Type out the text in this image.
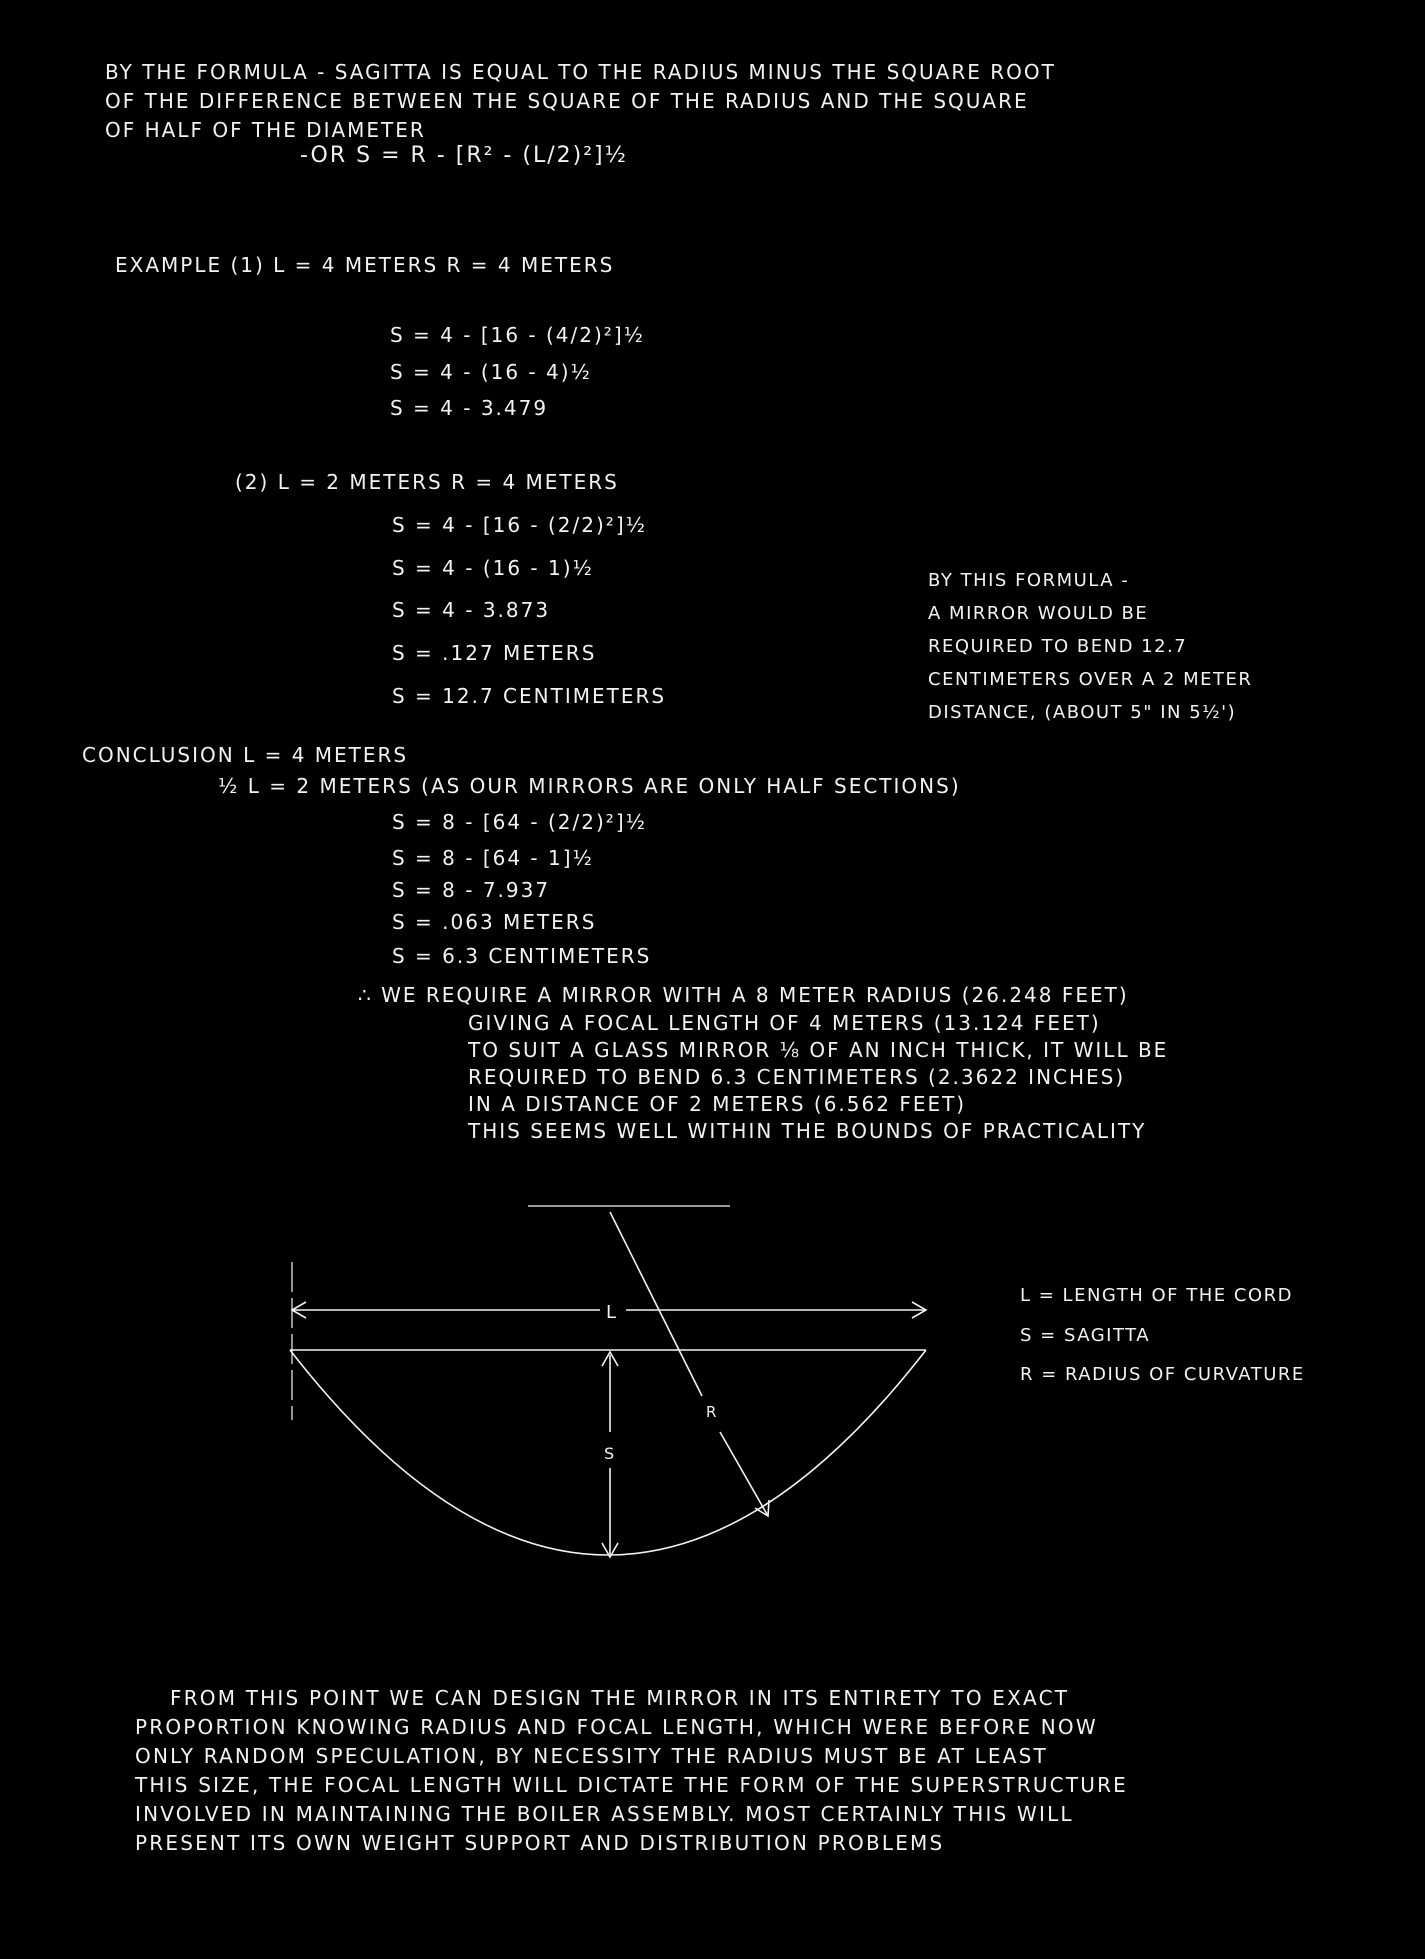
BY THE FORMULA - SAGITTA IS EQUAL TO THE RADIUS MINUS THE SQUARE ROOT
OF THE DIFFERENCE BETWEEN THE SQUARE OF THE RADIUS AND THE SQUARE
OF HALF OF THE DIAMETER
-OR S = R - [R² - (L/2)²]½
EXAMPLE (1) L = 4 METERS R = 4 METERS
S = 4 - [16 - (4/2)²]½
S = 4 - (16 - 4)½
S = 4 - 3.479
(2) L = 2 METERS R = 4 METERS
S = 4 - [16 - (2/2)²]½
S = 4 - (16 - 1)½
S = 4 - 3.873
S = .127 METERS
S = 12.7 CENTIMETERS
BY THIS FORMULA -
A MIRROR WOULD BE
REQUIRED TO BEND 12.7
CENTIMETERS OVER A 2 METER
DISTANCE, (ABOUT 5" IN 5½')
CONCLUSION L = 4 METERS
½ L = 2 METERS (AS OUR MIRRORS ARE ONLY HALF SECTIONS)
S = 8 - [64 - (2/2)²]½
S = 8 - [64 - 1]½
S = 8 - 7.937
S = .063 METERS
S = 6.3 CENTIMETERS
∴ WE REQUIRE A MIRROR WITH A 8 METER RADIUS (26.248 FEET)
GIVING A FOCAL LENGTH OF 4 METERS (13.124 FEET)
TO SUIT A GLASS MIRROR ⅛ OF AN INCH THICK, IT WILL BE
REQUIRED TO BEND 6.3 CENTIMETERS (2.3622 INCHES)
IN A DISTANCE OF 2 METERS (6.562 FEET)
THIS SEEMS WELL WITHIN THE BOUNDS OF PRACTICALITY
L
S
R
L = LENGTH OF THE CORD
S = SAGITTA
R = RADIUS OF CURVATURE
FROM THIS POINT WE CAN DESIGN THE MIRROR IN ITS ENTIRETY TO EXACT
PROPORTION KNOWING RADIUS AND FOCAL LENGTH, WHICH WERE BEFORE NOW
ONLY RANDOM SPECULATION, BY NECESSITY THE RADIUS MUST BE AT LEAST
THIS SIZE, THE FOCAL LENGTH WILL DICTATE THE FORM OF THE SUPERSTRUCTURE
INVOLVED IN MAINTAINING THE BOILER ASSEMBLY. MOST CERTAINLY THIS WILL
PRESENT ITS OWN WEIGHT SUPPORT AND DISTRIBUTION PROBLEMS
